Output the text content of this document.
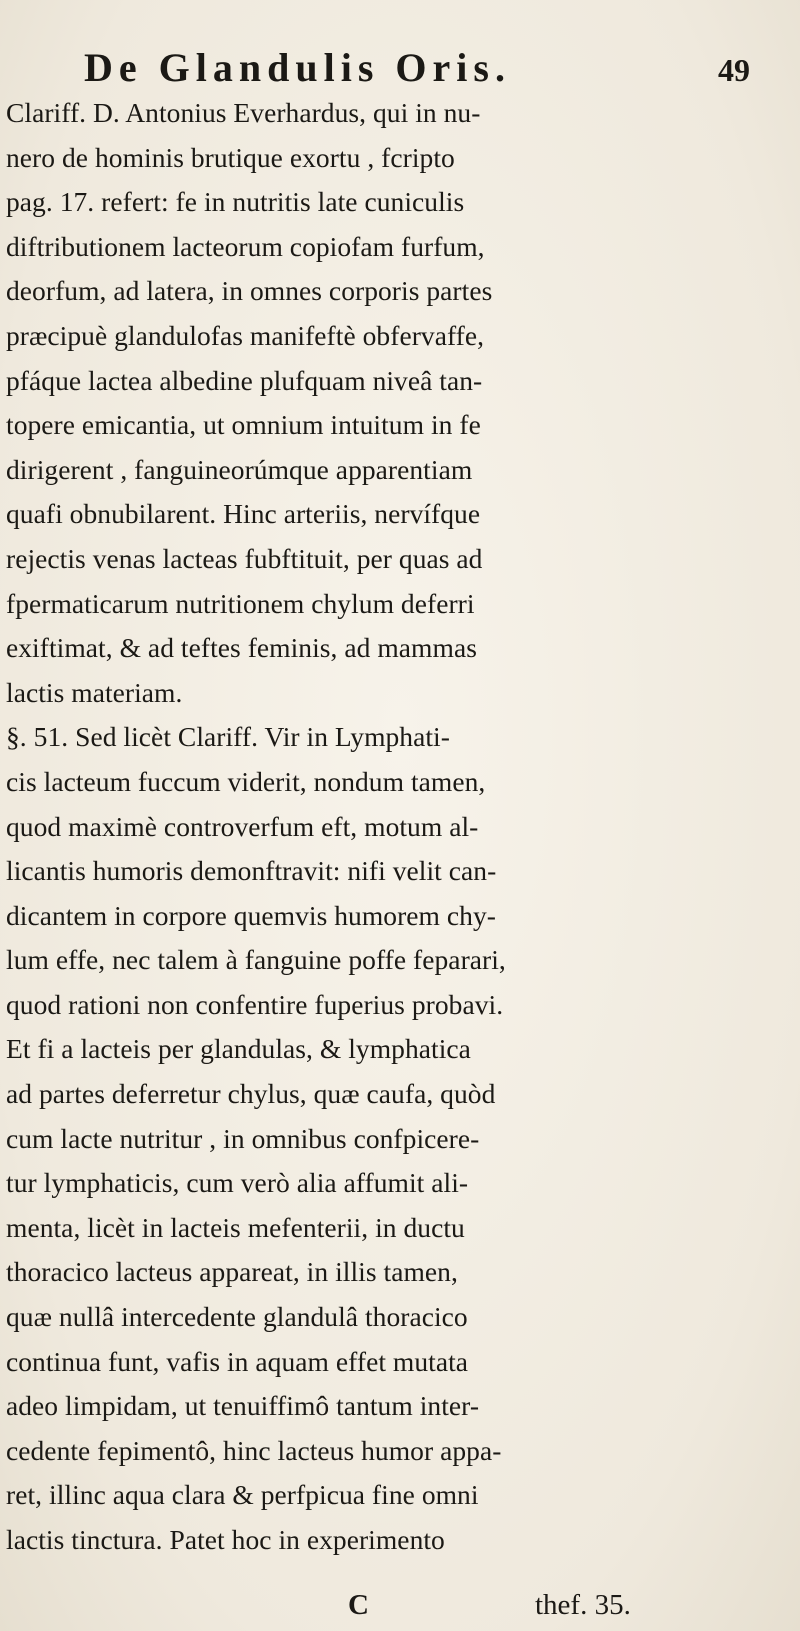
De Glandulis Oris.	49
Clariff. D. Antonius Everhardus, qui in nu-
nero de hominis brutique exortu , fcripto
pag. 17. refert: fe in nutritis late cuniculis
diftributionem lacteorum copiofam furfum,
deorfum, ad latera, in omnes corporis partes
præcipuè glandulofas manifeftè obfervaffe,
pfáque lactea albedine plufquam niveâ tan-
topere emicantia, ut omnium intuitum in fe
dirigerent , fanguineorúmque apparentiam
quafi obnubilarent. Hinc arteriis, nervífque
rejectis venas lacteas fubftituit, per quas ad
fpermaticarum nutritionem chylum deferri
exiftimat, & ad teftes feminis, ad mammas
lactis materiam.
§. 51. Sed licèt Clariff. Vir in Lymphati-
cis lacteum fuccum viderit, nondum tamen,
quod maximè controverfum eft, motum al-
licantis humoris demonftravit: nifi velit can-
dicantem in corpore quemvis humorem chy-
lum effe, nec talem à fanguine poffe feparari,
quod rationi non confentire fuperius probavi.
Et fi a lacteis per glandulas, & lymphatica
ad partes deferretur chylus, quæ caufa, quòd
cum lacte nutritur , in omnibus confpicere-
tur lymphaticis, cum verò alia affumit ali-
menta, licèt in lacteis mefenterii, in ductu
thoracico lacteus appareat, in illis tamen,
quæ nullâ intercedente glandulâ thoracico
continua funt, vafis in aquam effet mutata
adeo limpidam, ut tenuiffimô tantum inter-
cedente fepimentô, hinc lacteus humor appa-
ret, illinc aqua clara & perfpicua fine omni
lactis tinctura. Patet hoc in experimento
C	thef. 35.
